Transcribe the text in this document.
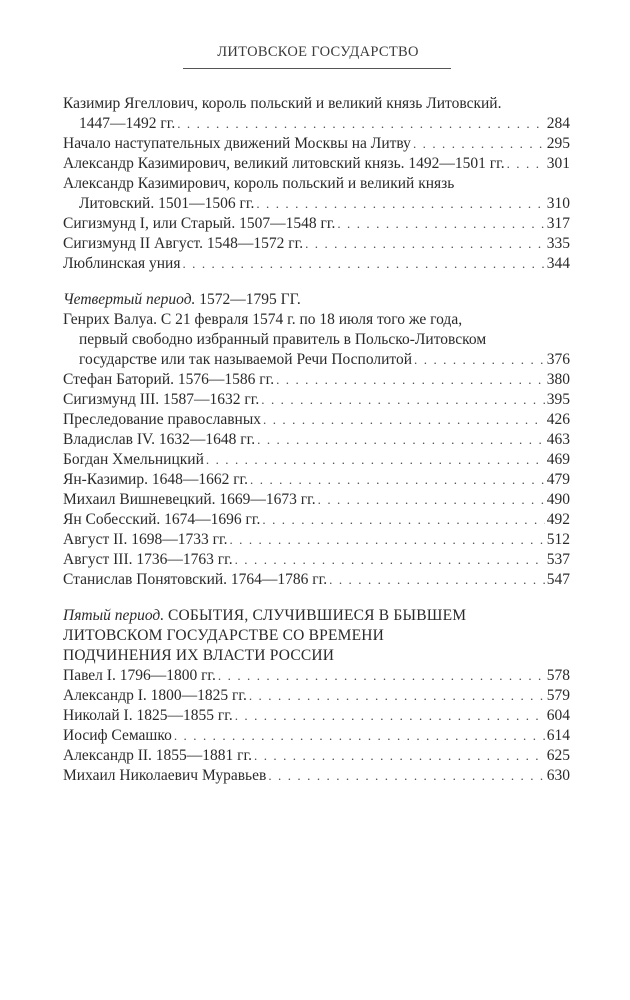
ЛИТОВСКОЕ ГОСУДАРСТВО
Казимир Ягеллович, король польский и великий князь Литовский.
1447—1492 гг. . . .	284
Начало наступательных движений Москвы на Литву . . .	295
Александр Казимирович, великий литовский князь. 1492—1501 гг. . . .	301
Александр Казимирович, король польский и великий князь
Литовский. 1501—1506 гг. . . .	310
Сигизмунд I, или Старый. 1507—1548 гг. . . .	317
Сигизмунд II Август. 1548—1572 гг. . . .	335
Люблинская уния . . .	344
Четвертый период. 1572—1795 ГГ.
Генрих Валуа. С 21 февраля 1574 г. по 18 июля того же года,
первый свободно избранный правитель в Польско-Литовском
государстве или так называемой Речи Посполитой . . .	376
Стефан Баторий. 1576—1586 гг. . . .	380
Сигизмунд III. 1587—1632 гг. . . .	395
Преследование православных . . .	426
Владислав IV. 1632—1648 гг. . . .	463
Богдан Хмельницкий . . .	469
Ян-Казимир. 1648—1662 гг. . . .	479
Михаил Вишневецкий. 1669—1673 гг. . . .	490
Ян Собесский. 1674—1696 гг. . . .	492
Август II. 1698—1733 гг. . . .	512
Август III. 1736—1763 гг. . . .	537
Станислав Понятовский. 1764—1786 гг. . . .	547
Пятый период. СОБЫТИЯ, СЛУЧИВШИЕСЯ В БЫВШЕМ
ЛИТОВСКОМ ГОСУДАРСТВЕ СО ВРЕМЕНИ
ПОДЧИНЕНИЯ ИХ ВЛАСТИ РОССИИ
Павел I. 1796—1800 гг. . . .	578
Александр I. 1800—1825 гг. . . .	579
Николай I. 1825—1855 гг. . . .	604
Иосиф Семашко . . .	614
Александр II. 1855—1881 гг. . . .	625
Михаил Николаевич Муравьев . . .	630
